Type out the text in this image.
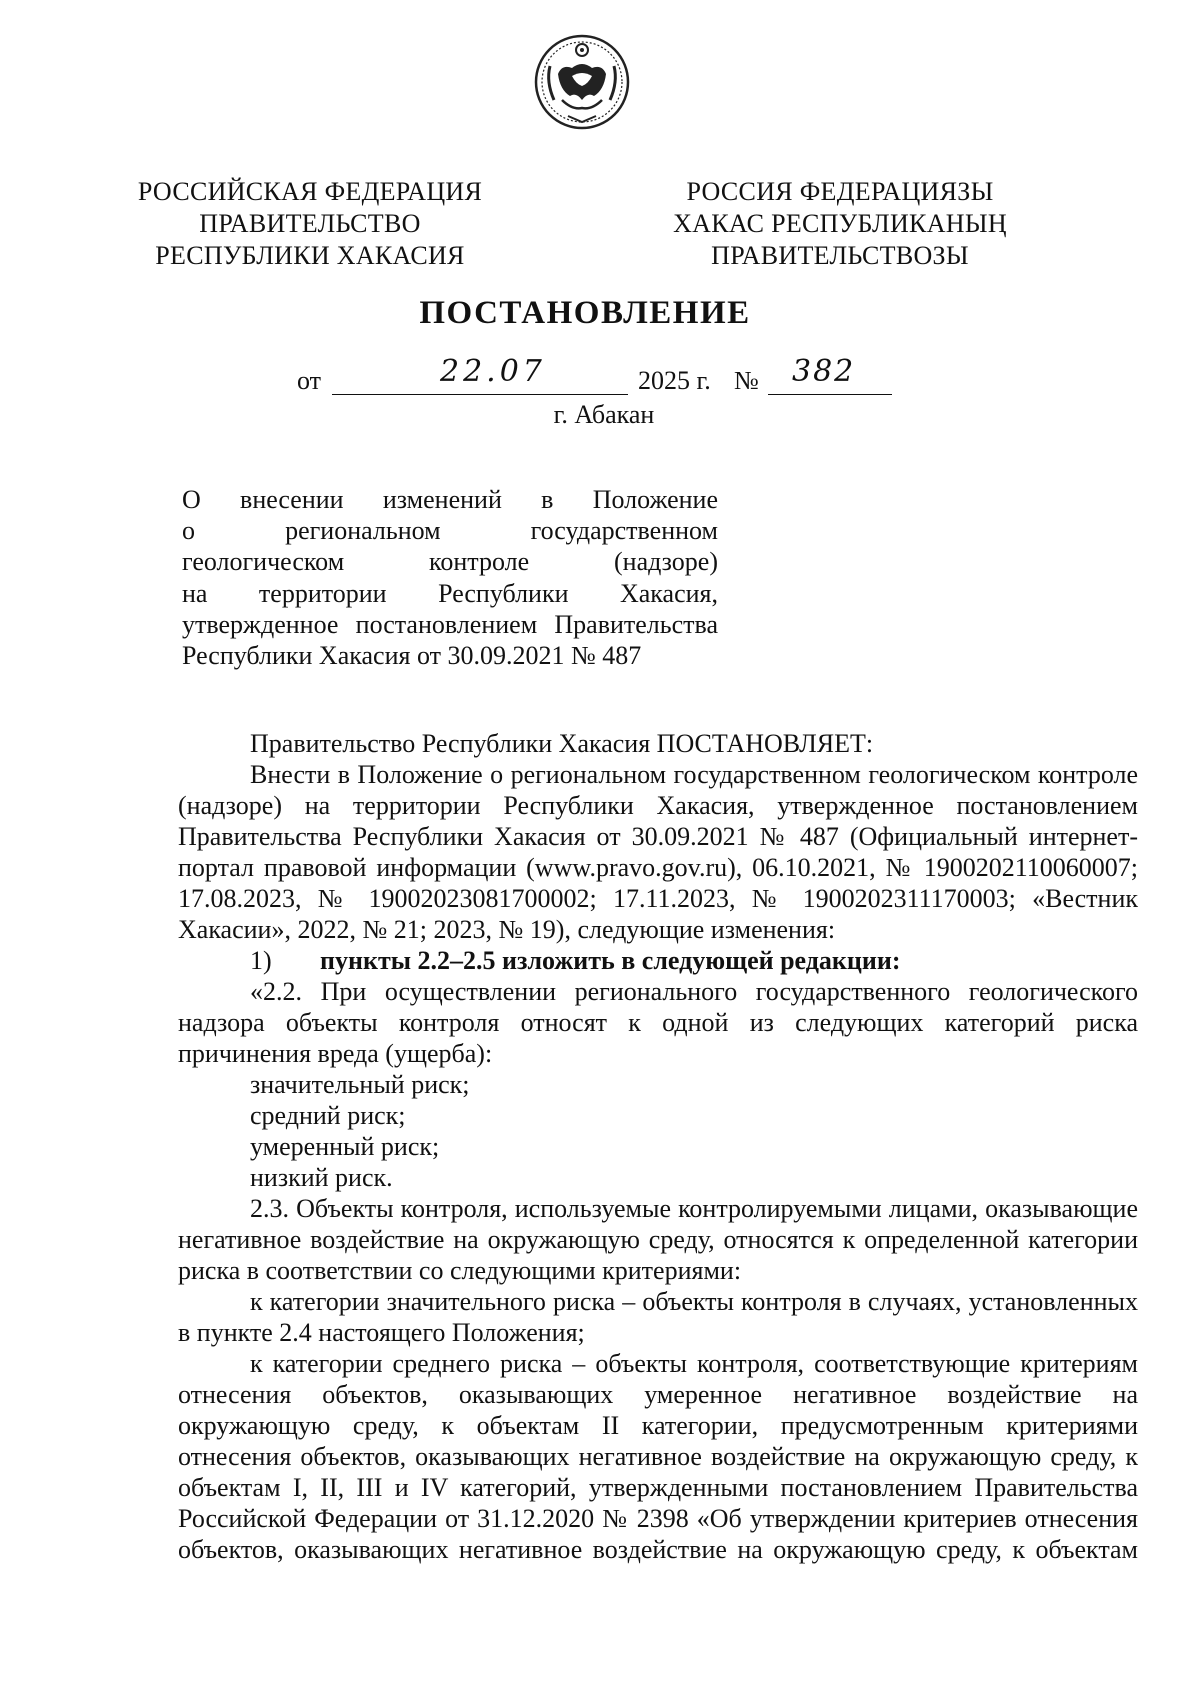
РОССИЙСКАЯ ФЕДЕРАЦИЯ
ПРАВИТЕЛЬСТВО
РЕСПУБЛИКИ ХАКАСИЯ
РОССИЯ ФЕДЕРАЦИЯЗЫ
ХАКАС РЕСПУБЛИКАНЫҢ
ПРАВИТЕЛЬСТВОЗЫ
ПОСТАНОВЛЕНИЕ
от	22.07	2025 г. № 382
г. Абакан
О внесении изменений в Положение
о региональном государственном
геологическом контроле (надзоре)
на территории Республики Хакасия,
утвержденное постановлением Правительства
Республики Хакасия от 30.09.2021 № 487

Правительство Республики Хакасия ПОСТАНОВЛЯЕТ:

Внести в Положение о региональном государственном геологическом контроле (надзоре) на территории Республики Хакасия, утвержденное постановлением Правительства Республики Хакасия от 30.09.2021 № 487 (Официальный интернет-портал правовой информации (www.pravo.gov.ru), 06.10.2021, № 1900202110060007; 17.08.2023, № 19002023081700002; 17.11.2023, № 1900202311170003; «Вестник Хакасии», 2022, № 21; 2023, № 19), следующие изменения:

1) пункты 2.2–2.5 изложить в следующей редакции:

«2.2. При осуществлении регионального государственного геологического надзора объекты контроля относят к одной из следующих категорий риска причинения вреда (ущерба):

значительный риск;

средний риск;

умеренный риск;

низкий риск.

2.3. Объекты контроля, используемые контролируемыми лицами, оказывающие негативное воздействие на окружающую среду, относятся к определенной категории риска в соответствии со следующими критериями:

к категории значительного риска – объекты контроля в случаях, установленных в пункте 2.4 настоящего Положения;

к категории среднего риска – объекты контроля, соответствующие критериям отнесения объектов, оказывающих умеренное негативное воздействие на окружающую среду, к объектам II категории, предусмотренным критериями отнесения объектов, оказывающих негативное воздействие на окружающую среду, к объектам I, II, III и IV категорий, утвержденными постановлением Правительства Российской Федерации от 31.12.2020 № 2398 «Об утверждении критериев отнесения объектов, оказывающих негативное воздействие на окружающую среду, к объектам
